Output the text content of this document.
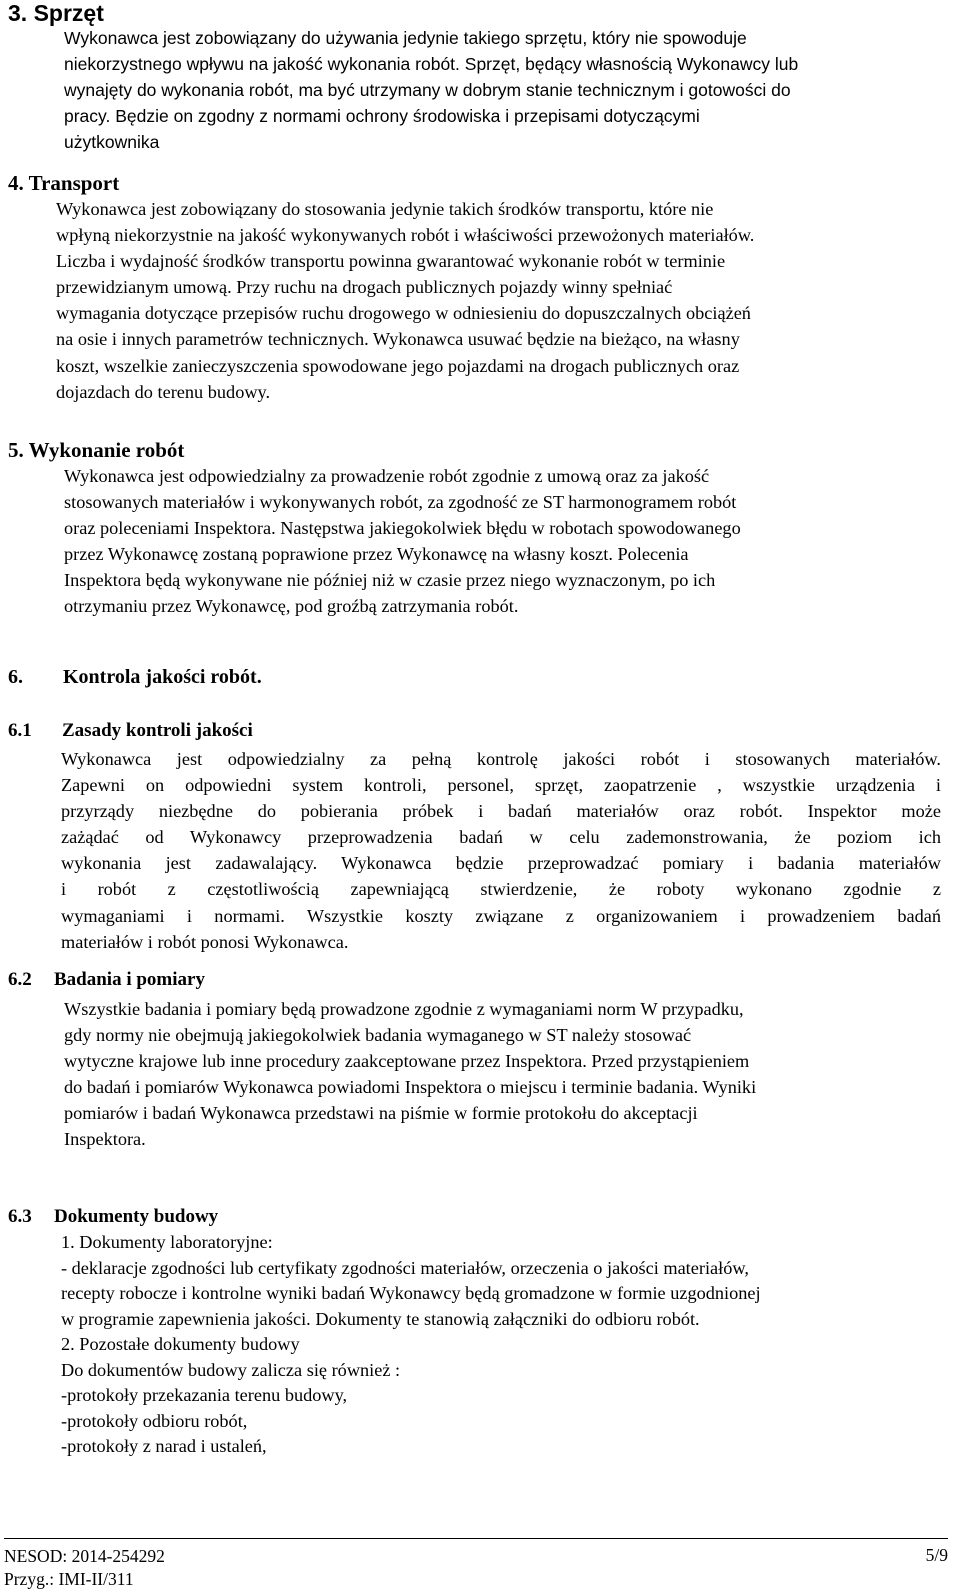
3. Sprzęt
Wykonawca jest zobowiązany do używania jedynie takiego sprzętu, który nie spowoduje
niekorzystnego wpływu na jakość wykonania robót. Sprzęt, będący własnością Wykonawcy lub
wynajęty do wykonania robót, ma być utrzymany w dobrym stanie technicznym i gotowości do
pracy. Będzie on zgodny z normami ochrony środowiska i przepisami dotyczącymi
użytkownika
4. Transport
Wykonawca jest zobowiązany do stosowania jedynie takich środków transportu, które nie
wpłyną niekorzystnie na jakość wykonywanych robót i właściwości przewożonych materiałów.
Liczba i wydajność środków transportu powinna gwarantować wykonanie robót w terminie
przewidzianym umową. Przy ruchu na drogach publicznych pojazdy winny spełniać
wymagania dotyczące przepisów ruchu drogowego w odniesieniu do dopuszczalnych obciążeń
na osie i innych parametrów technicznych. Wykonawca usuwać będzie na bieżąco, na własny
koszt, wszelkie zanieczyszczenia spowodowane jego pojazdami na drogach publicznych oraz
dojazdach do terenu budowy.
5. Wykonanie robót
Wykonawca jest odpowiedzialny za prowadzenie robót zgodnie z umową oraz za jakość
stosowanych materiałów i wykonywanych robót, za zgodność ze ST harmonogramem robót
oraz poleceniami Inspektora. Następstwa jakiegokolwiek błędu w robotach spowodowanego
przez Wykonawcę zostaną poprawione przez Wykonawcę na własny koszt. Polecenia
Inspektora będą wykonywane nie później niż w czasie przez niego wyznaczonym, po ich
otrzymaniu przez Wykonawcę, pod groźbą zatrzymania robót.
6. Kontrola jakości robót.
6.1 Zasady kontroli jakości
Wykonawca jest odpowiedzialny za pełną kontrolę jakości robót i stosowanych materiałów.
Zapewni on odpowiedni system kontroli, personel, sprzęt, zaopatrzenie , wszystkie urządzenia i
przyrządy niezbędne do pobierania próbek i badań materiałów oraz robót. Inspektor może
zażądać od Wykonawcy przeprowadzenia badań w celu zademonstrowania, że poziom ich
wykonania jest zadawalający. Wykonawca będzie przeprowadzać pomiary i badania materiałów
i robót z częstotliwością zapewniającą stwierdzenie, że roboty wykonano zgodnie z
wymaganiami i normami. Wszystkie koszty związane z organizowaniem i prowadzeniem badań
materiałów i robót ponosi Wykonawca.
6.2 Badania i pomiary
Wszystkie badania i pomiary będą prowadzone zgodnie z wymaganiami norm W przypadku,
gdy normy nie obejmują jakiegokolwiek badania wymaganego w ST należy stosować
wytyczne krajowe lub inne procedury zaakceptowane przez Inspektora. Przed przystąpieniem
do badań i pomiarów Wykonawca powiadomi Inspektora o miejscu i terminie badania. Wyniki
pomiarów i badań Wykonawca przedstawi na piśmie w formie protokołu do akceptacji
Inspektora.
6.3 Dokumenty budowy
1. Dokumenty laboratoryjne:
- deklaracje zgodności lub certyfikaty zgodności materiałów, orzeczenia o jakości materiałów,
recepty robocze i kontrolne wyniki badań Wykonawcy będą gromadzone w formie uzgodnionej
w programie zapewnienia jakości. Dokumenty te stanowią załączniki do odbioru robót.
2. Pozostałe dokumenty budowy
Do dokumentów budowy zalicza się również :
-protokoły przekazania terenu budowy,
-protokoły odbioru robót,
-protokoły z narad i ustaleń,
NESOD: 2014-254292
Przyg.: IMI-II/311
5/9
